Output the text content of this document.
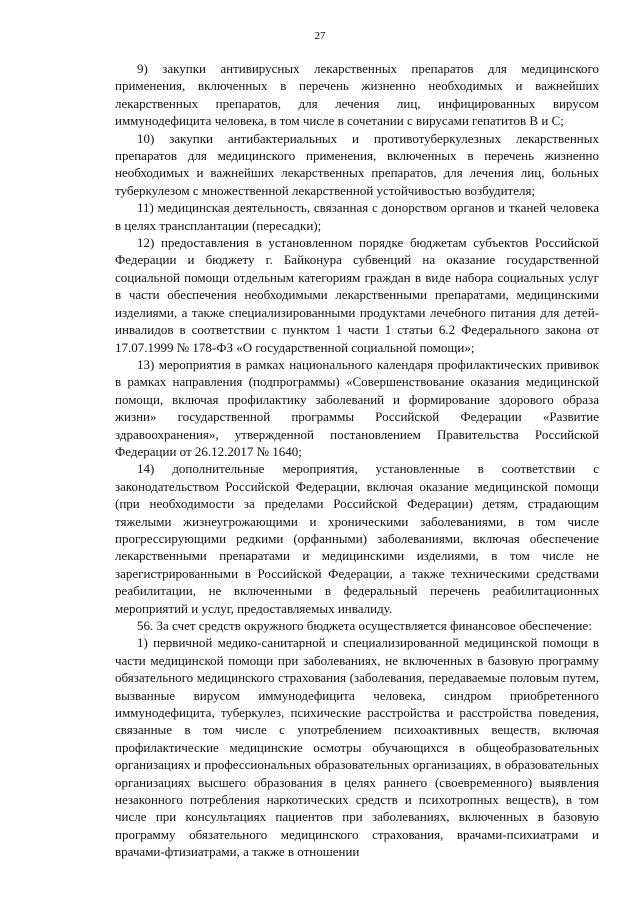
27

9) закупки антивирусных лекарственных препаратов для медицинского применения, включенных в перечень жизненно необходимых и важнейших лекарственных препаратов, для лечения лиц, инфицированных вирусом иммунодефицита человека, в том числе в сочетании с вирусами гепатитов B и C;

10) закупки антибактериальных и противотуберкулезных лекарственных препаратов для медицинского применения, включенных в перечень жизненно необходимых и важнейших лекарственных препаратов, для лечения лиц, больных туберкулезом с множественной лекарственной устойчивостью возбудителя;

11) медицинская деятельность, связанная с донорством органов и тканей человека в целях трансплантации (пересадки);

12) предоставления в установленном порядке бюджетам субъектов Российской Федерации и бюджету г. Байконура субвенций на оказание государственной социальной помощи отдельным категориям граждан в виде набора социальных услуг в части обеспечения необходимыми лекарственными препаратами, медицинскими изделиями, а также специализированными продуктами лечебного питания для детей-инвалидов в соответствии с пунктом 1 части 1 статьи 6.2 Федерального закона от 17.07.1999 № 178-ФЗ «О государственной социальной помощи»;

13) мероприятия в рамках национального календаря профилактических прививок в рамках направления (подпрограммы) «Совершенствование оказания медицинской помощи, включая профилактику заболеваний и формирование здорового образа жизни» государственной программы Российской Федерации «Развитие здравоохранения», утвержденной постановлением Правительства Российской Федерации от 26.12.2017 № 1640;

14) дополнительные мероприятия, установленные в соответствии с законодательством Российской Федерации, включая оказание медицинской помощи (при необходимости за пределами Российской Федерации) детям, страдающим тяжелыми жизнеугрожающими и хроническими заболеваниями, в том числе прогрессирующими редкими (орфанными) заболеваниями, включая обеспечение лекарственными препаратами и медицинскими изделиями, в том числе не зарегистрированными в Российской Федерации, а также техническими средствами реабилитации, не включенными в федеральный перечень реабилитационных мероприятий и услуг, предоставляемых инвалиду.

56. За счет средств окружного бюджета осуществляется финансовое обеспечение:

1) первичной медико-санитарной и специализированной медицинской помощи в части медицинской помощи при заболеваниях, не включенных в базовую программу обязательного медицинского страхования (заболевания, передаваемые половым путем, вызванные вирусом иммунодефицита человека, синдром приобретенного иммунодефицита, туберкулез, психические расстройства и расстройства поведения, связанные в том числе с употреблением психоактивных веществ, включая профилактические медицинские осмотры обучающихся в общеобразовательных организациях и профессиональных образовательных организациях, в образовательных организациях высшего образования в целях раннего (своевременного) выявления незаконного потребления наркотических средств и психотропных веществ), в том числе при консультациях пациентов при заболеваниях, включенных в базовую программу обязательного медицинского страхования, врачами-психиатрами и врачами-фтизиатрами, а также в отношении
